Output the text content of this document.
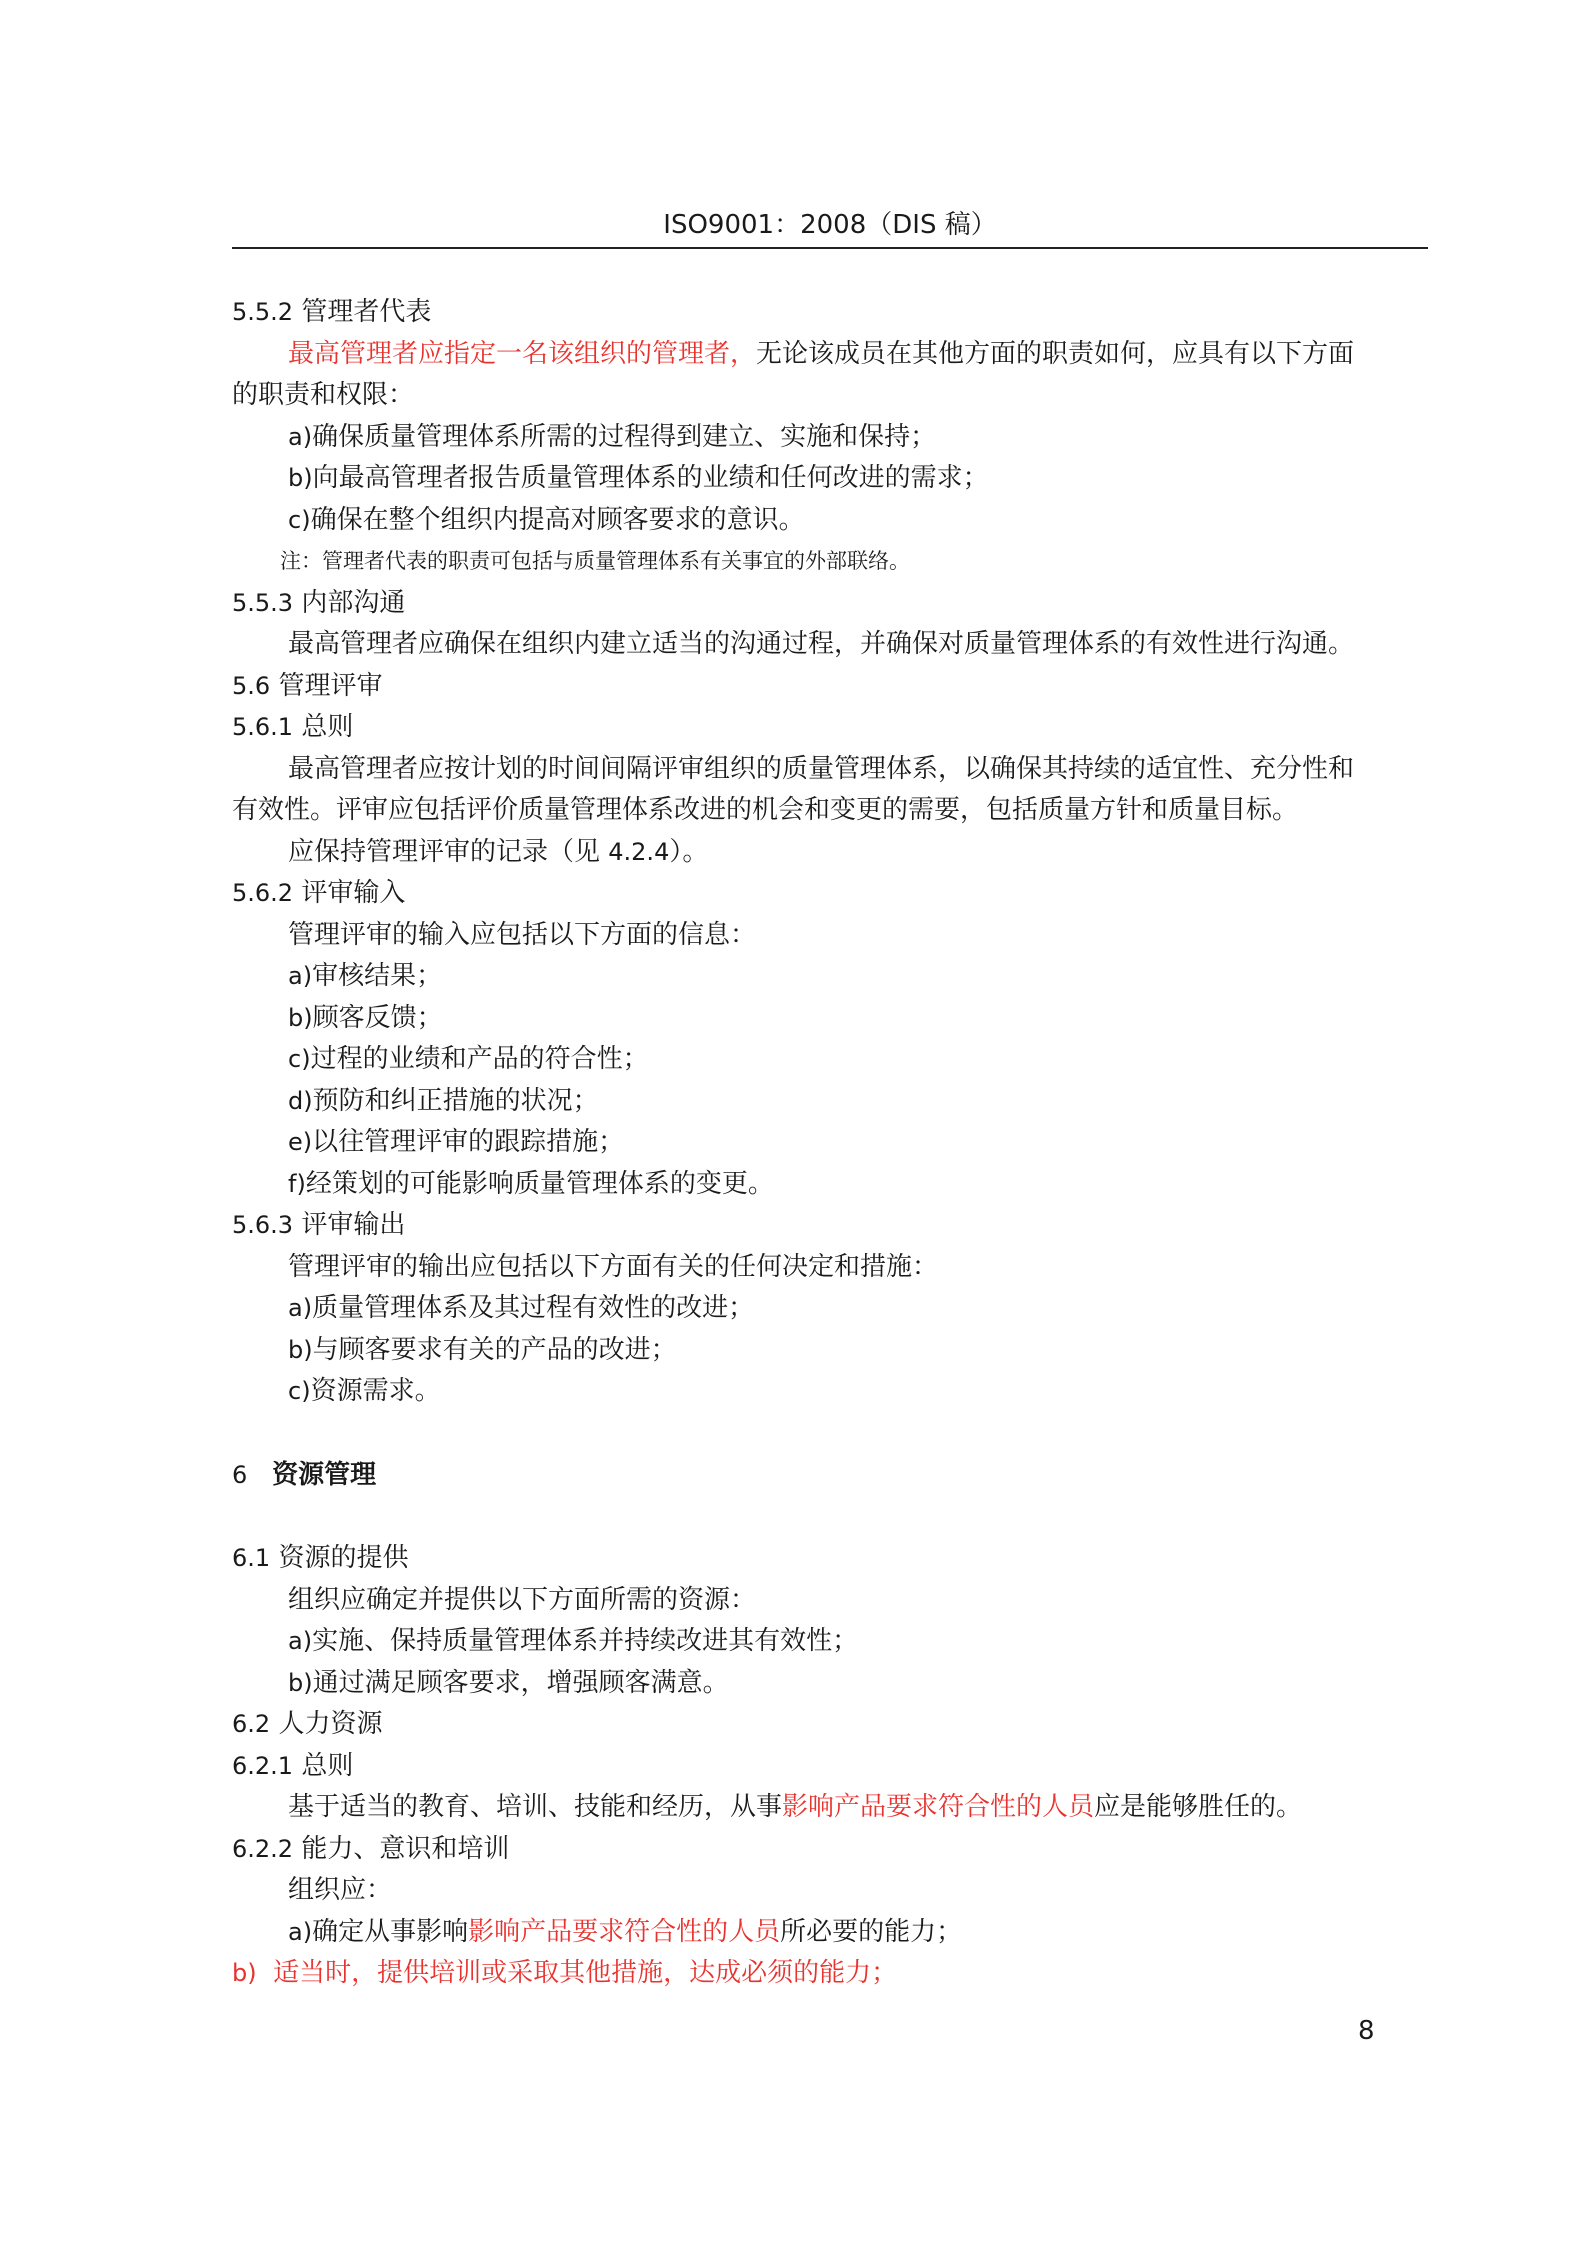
ISO9001：2008（DIS 稿）
5.5.2 管理者代表
最高管理者应指定一名该组织的管理者，无论该成员在其他方面的职责如何，应具有以下方面
的职责和权限：
a)确保质量管理体系所需的过程得到建立、实施和保持；
b)向最高管理者报告质量管理体系的业绩和任何改进的需求；
c)确保在整个组织内提高对顾客要求的意识。
注：管理者代表的职责可包括与质量管理体系有关事宜的外部联络。
5.5.3 内部沟通
最高管理者应确保在组织内建立适当的沟通过程，并确保对质量管理体系的有效性进行沟通。
5.6 管理评审
5.6.1 总则
最高管理者应按计划的时间间隔评审组织的质量管理体系，以确保其持续的适宜性、充分性和
有效性。评审应包括评价质量管理体系改进的机会和变更的需要，包括质量方针和质量目标。
应保持管理评审的记录（见 4.2.4）。
5.6.2 评审输入
管理评审的输入应包括以下方面的信息：
a)审核结果；
b)顾客反馈；
c)过程的业绩和产品的符合性；
d)预防和纠正措施的状况；
e)以往管理评审的跟踪措施；
f)经策划的可能影响质量管理体系的变更。
5.6.3 评审输出
管理评审的输出应包括以下方面有关的任何决定和措施：
a)质量管理体系及其过程有效性的改进；
b)与顾客要求有关的产品的改进；
c)资源需求。
6 资源管理
6.1 资源的提供
组织应确定并提供以下方面所需的资源：
a)实施、保持质量管理体系并持续改进其有效性；
b)通过满足顾客要求，增强顾客满意。
6.2 人力资源
6.2.1 总则
基于适当的教育、培训、技能和经历，从事影响产品要求符合性的人员应是能够胜任的。
6.2.2 能力、意识和培训
组织应：
a)确定从事影响影响产品要求符合性的人员所必要的能力；
b) 适当时，提供培训或采取其他措施，达成必须的能力；
8
